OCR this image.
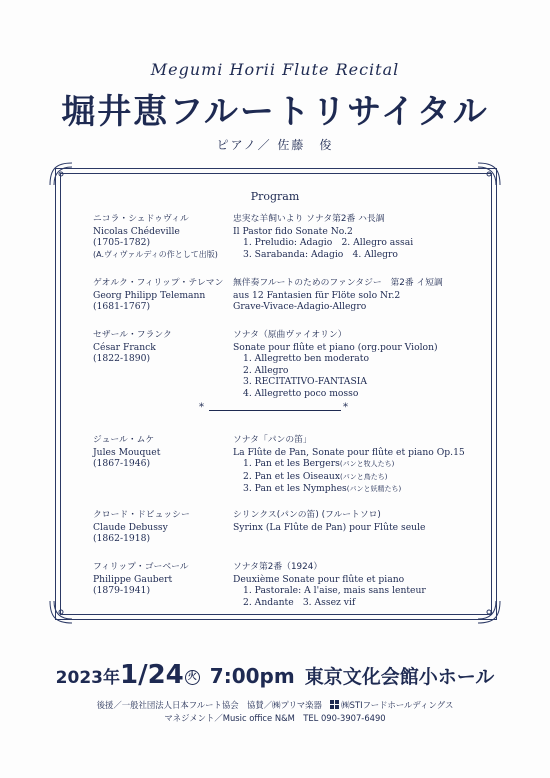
Megumi Horii Flute Recital
堀井恵フルートリサイタル
ピアノ／ 佐藤　俊
Program
ニコラ・シェドゥヴィル
Nicolas Chédeville
(1705-1782)
(A.ヴィヴァルディの作として出版)
忠実な羊飼いより ソナタ第2番 ハ長調
Il Pastor fido Sonate No.2
1. Preludio: Adagio　2. Allegro assai
3. Sarabanda: Adagio　4. Allegro
ゲオルク・フィリップ・テレマン
Georg Philipp Telemann
(1681-1767)
無伴奏フルートのためのファンタジー　第2番 イ短調
aus 12 Fantasien für Flöte solo Nr.2
Grave-Vivace-Adagio-Allegro
セザール・フランク
César Franck
(1822-1890)
ソナタ（原曲ヴァイオリン）
Sonate pour flûte et piano (org.pour Violon)
1. Allegretto ben moderato
2. Allegro
3. RECITATIVO-FANTASIA
4. Allegretto poco mosso
*	*
ジュール・ムケ
Jules Mouquet
(1867-1946)
ソナタ「パンの笛」
La Flûte de Pan, Sonate pour flûte et piano Op.15
1. Pan et les Bergers(パンと牧人たち)
2. Pan et les Oiseaux(パンと鳥たち)
3. Pan et les Nymphes(パンと妖精たち)
クロード・ドビュッシー
Claude Debussy
(1862-1918)
シリンクス(パンの笛) (フルートソロ)
Syrinx (La Flûte de Pan) pour Flûte seule
フィリップ・ゴーベール
Philippe Gaubert
(1879-1941)
ソナタ第2番（1924）
Deuxième Sonate pour flûte et piano
1. Pastorale: A l'aise, mais sans lenteur
2. Andante　3. Assez vif
2023年1/24 火 7:00pm 東京文化会館小ホール
後援／一般社団法人日本フルート協会　協賛／㈱プリマ楽器　㈱STIフードホールディングス
マネジメント／Music office N&M　TEL 090-3907-6490
